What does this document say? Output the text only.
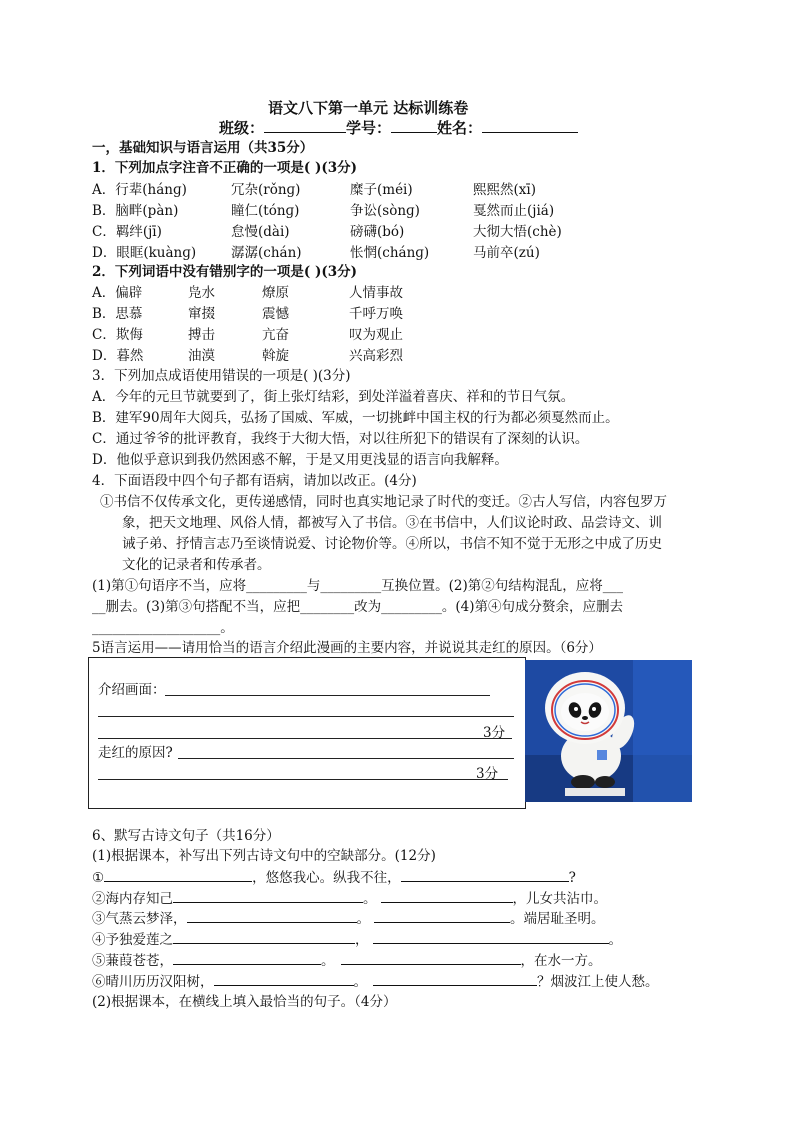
语文八下第一单元 达标训练卷
班级：	学号：	姓名：
一，基础知识与语言运用（共35分）
1．下列加点字注音不正确的一项是( )(3分)
A．行辈(hánɡ)	冗杂(rǒnɡ)	糜子(méi)	熙熙然(xī)
B．脑畔(pàn)	瞳仁(tónɡ)	争讼(sònɡ)	戛然而止(jiá)
C．羁绊(jī)	怠慢(dài)	磅礴(bó)	大彻大悟(chè)
D．眼眶(kuànɡ)	潺潺(chán)	怅惘(chánɡ)	马前卒(zú)
2．下列词语中没有错别字的一项是( )(3分)
A．偏辟	凫水	燎原	人情事故
B．思慕	窜掇	震憾	千呼万唤
C．欺侮	搏击	亢奋	叹为观止
D．暮然	油漠	斡旋	兴高彩烈
3．下列加点成语使用错误的一项是( )(3分)
A．今年的元旦节就要到了，街上张灯结彩，到处洋溢着喜庆、祥和的节日气氛。
B．建军90周年大阅兵，弘扬了国威、军威，一切挑衅中国主权的行为都必须戛然而止。
C．通过爷爷的批评教育，我终于大彻大悟，对以往所犯下的错误有了深刻的认识。
D．他似乎意识到我仍然困惑不解，于是又用更浅显的语言向我解释。
4．下面语段中四个句子都有语病，请加以改正。(4分)
①书信不仅传承文化，更传递感情，同时也真实地记录了时代的变迁。②古人写信，内容包罗万
象，把天文地理、风俗人情，都被写入了书信。③在书信中，人们议论时政、品尝诗文、训
诫子弟、抒情言志乃至谈情说爱、讨论物价等。④所以，书信不知不觉于无形之中成了历史
文化的记录者和传承者。
(1)第①句语序不当，应将_________与_________互换位置。(2)第②句结构混乱，应将___
__删去。(3)第③句搭配不当，应把________改为_________。(4)第④句成分赘余，应删去
___________________。
5语言运用——请用恰当的语言介绍此漫画的主要内容，并说说其走红的原因。（6分）
介绍画面：
3分
走红的原因?
3分
6、默写古诗文句子（共16分）
(1)根据课本，补写出下列古诗文句中的空缺部分。(12分)
①	，悠悠我心。纵我不往，	?
②海内存知己	。	，儿女共沾巾。
③气蒸云梦泽，	。	。端居耻圣明。
④予独爱莲之	，	。
⑤蒹葭苍苍，	。	，在水一方。
⑥晴川历历汉阳树，	。	？烟波江上使人愁。
(2)根据课本，在横线上填入最恰当的句子。（4分）
